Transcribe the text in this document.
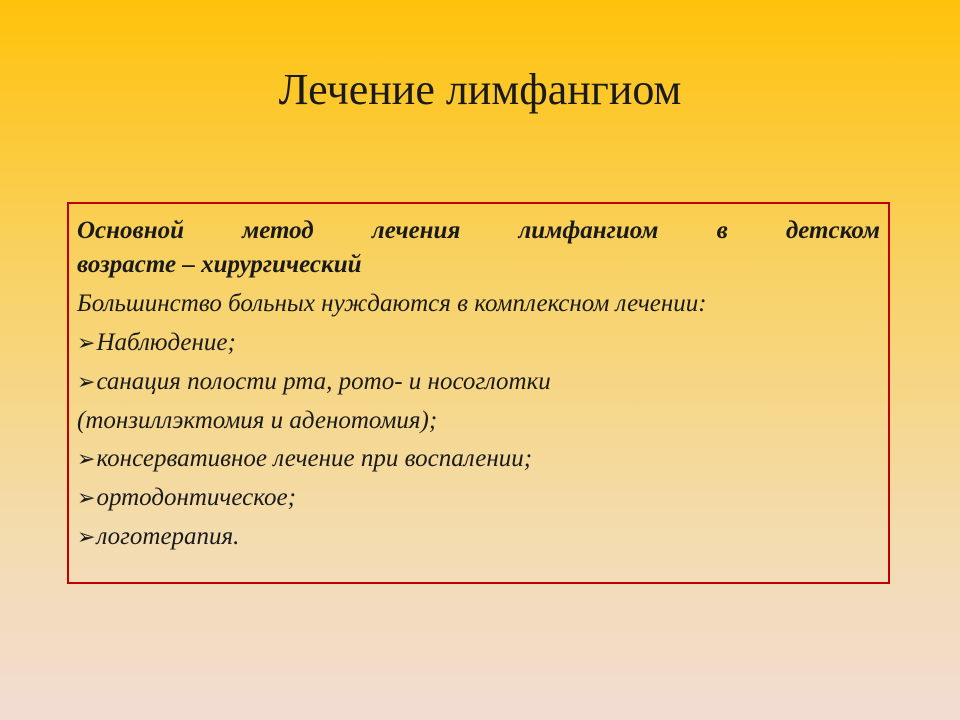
Лечение лимфангиом
Основной метод лечения лимфангиом в детском
возрасте – хирургический
Большинство больных нуждаются в комплексном лечении:
➢Наблюдение;
➢санация полости рта, рото- и носоглотки
(тонзиллэктомия и аденотомия);
➢консервативное лечение при воспалении;
➢ортодонтическое;
➢логотерапия.
